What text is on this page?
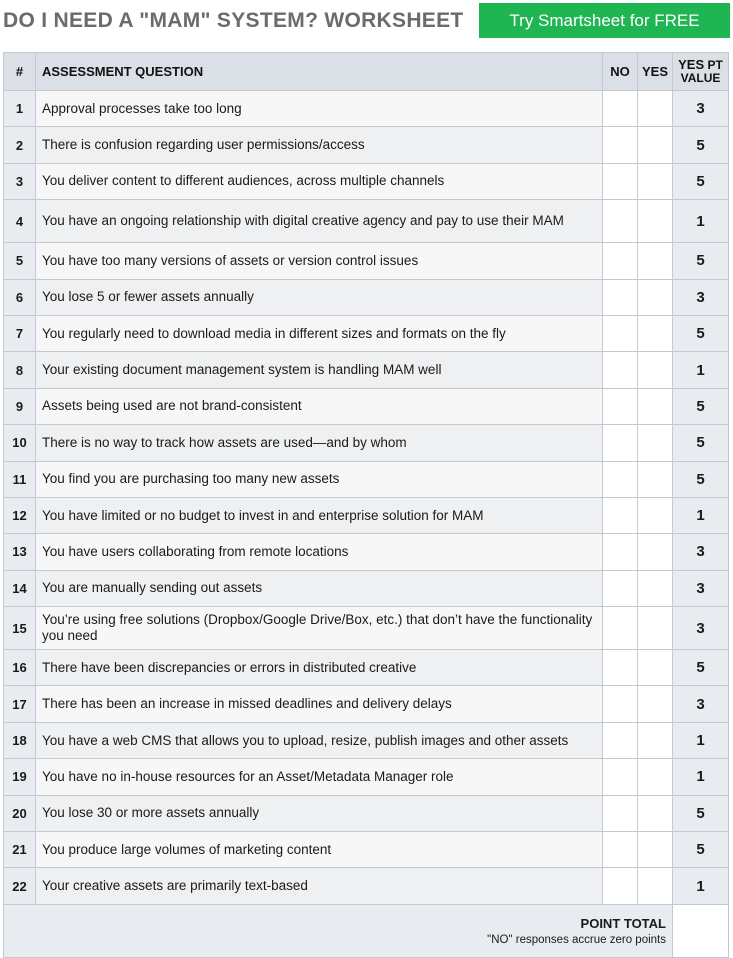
DO I NEED A "MAM" SYSTEM? WORKSHEET	Try Smartsheet for FREE
#	ASSESSMENT QUESTION	NO	YES	YES PT
VALUE
1	Approval processes take too long			3
2	There is confusion regarding user permissions/access			5
3	You deliver content to different audiences, across multiple channels			5
4	You have an ongoing relationship with digital creative agency and pay to use their MAM			1
5	You have too many versions of assets or version control issues			5
6	You lose 5 or fewer assets annually			3
7	You regularly need to download media in different sizes and formats on the fly			5
8	Your existing document management system is handling MAM well			1
9	Assets being used are not brand-consistent			5
10	There is no way to track how assets are used—and by whom			5
11	You find you are purchasing too many new assets			5
12	You have limited or no budget to invest in and enterprise solution for MAM			1
13	You have users collaborating from remote locations			3
14	You are manually sending out assets			3
15	You’re using free solutions (Dropbox/Google Drive/Box, etc.) that don’t have the functionality you need			3
16	There have been discrepancies or errors in distributed creative			5
17	There has been an increase in missed deadlines and delivery delays			3
18	You have a web CMS that allows you to upload, resize, publish images and other assets			1
19	You have no in-house resources for an Asset/Metadata Manager role			1
20	You lose 30 or more assets annually			5
21	You produce large volumes of marketing content			5
22	Your creative assets are primarily text-based			1

POINT TOTAL
"NO" responses accrue zero points				
